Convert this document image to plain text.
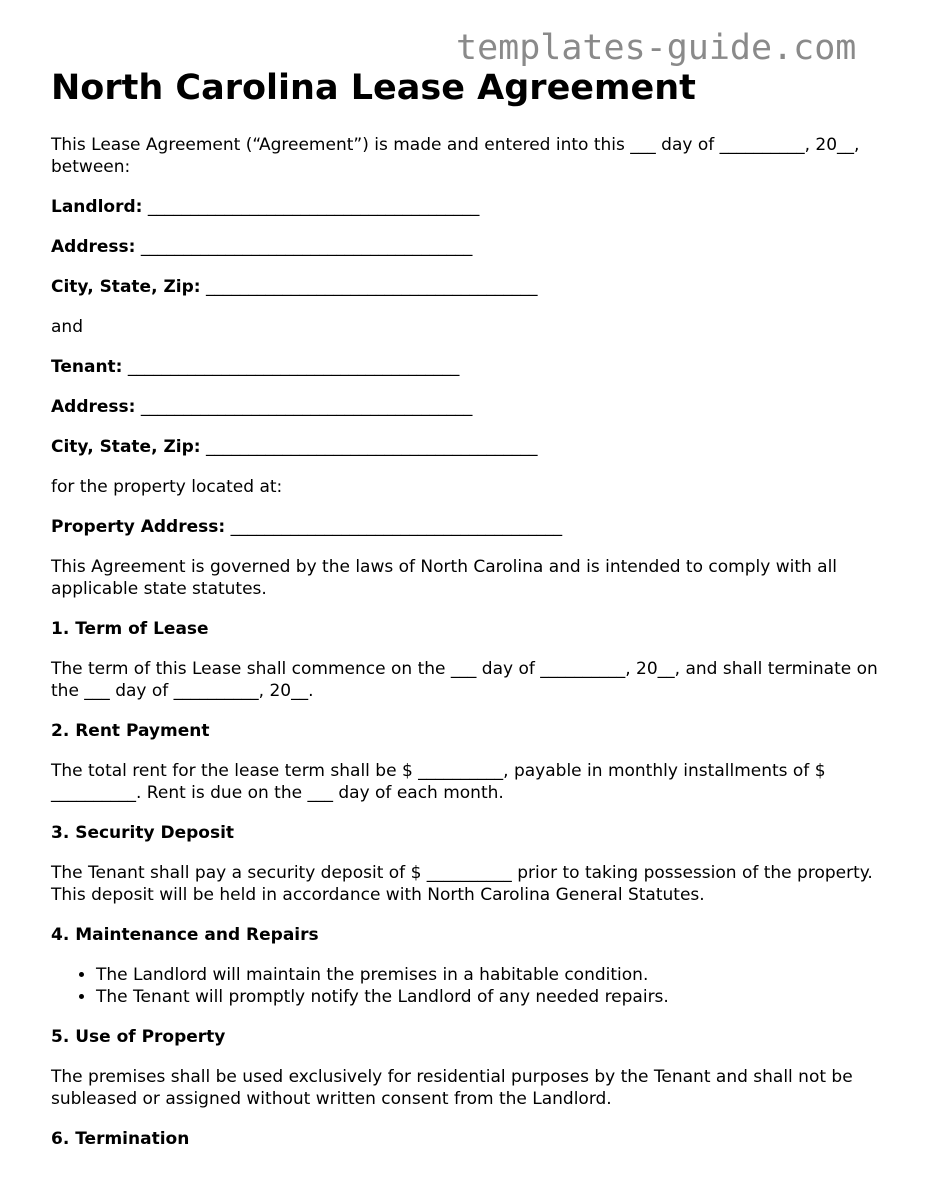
templates-guide.com
North Carolina Lease Agreement

This Lease Agreement (“Agreement”) is made and entered into this ___ day of __________, 20__, between:

Landlord: _______________________________________
Address: _______________________________________
City, State, Zip: _______________________________________

and

Tenant: _______________________________________
Address: _______________________________________
City, State, Zip: _______________________________________

for the property located at:

Property Address: _______________________________________

This Agreement is governed by the laws of North Carolina and is intended to comply with all applicable state statutes.

1. Term of Lease

The term of this Lease shall commence on the ___ day of __________, 20__, and shall terminate on the ___ day of __________, 20__.

2. Rent Payment

The total rent for the lease term shall be $ __________, payable in monthly installments of $ __________. Rent is due on the ___ day of each month.

3. Security Deposit

The Tenant shall pay a security deposit of $ __________ prior to taking possession of the property. This deposit will be held in accordance with North Carolina General Statutes.

4. Maintenance and Repairs
• The Landlord will maintain the premises in a habitable condition.
• The Tenant will promptly notify the Landlord of any needed repairs.
5. Use of Property

The premises shall be used exclusively for residential purposes by the Tenant and shall not be subleased or assigned without written consent from the Landlord.

6. Termination
